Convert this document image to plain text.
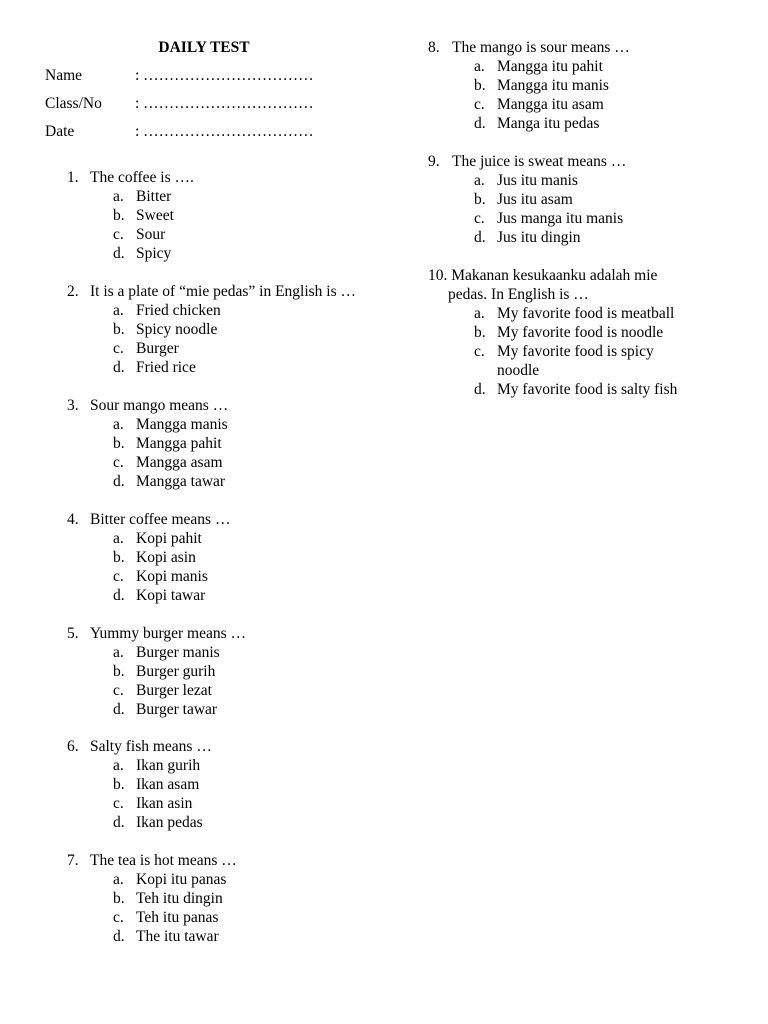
DAILY TEST
Name	: ……………………………
Class/No : ……………………………
Date	: ……………………………
1. The coffee is ….
a. Bitter
b. Sweet
c. Sour
d. Spicy
2. It is a plate of “mie pedas” in English is …
a. Fried chicken
b. Spicy noodle
c. Burger
d. Fried rice
3. Sour mango means …
a. Mangga manis
b. Mangga pahit
c. Mangga asam
d. Mangga tawar
4. Bitter coffee means …
a. Kopi pahit
b. Kopi asin
c. Kopi manis
d. Kopi tawar
5. Yummy burger means …
a. Burger manis
b. Burger gurih
c. Burger lezat
d. Burger tawar
6. Salty fish means …
a. Ikan gurih
b. Ikan asam
c. Ikan asin
d. Ikan pedas
7. The tea is hot means …
a. Kopi itu panas
b. Teh itu dingin
c. Teh itu panas
d. The itu tawar
8. The mango is sour means …
a. Mangga itu pahit
b. Mangga itu manis
c. Mangga itu asam
d. Manga itu pedas
9. The juice is sweat means …
a. Jus itu manis
b. Jus itu asam
c. Jus manga itu manis
d. Jus itu dingin
10. Makanan kesukaanku adalah mie
pedas. In English is …
a. My favorite food is meatball
b. My favorite food is noodle
c. My favorite food is spicy noodle
d. My favorite food is salty fish
